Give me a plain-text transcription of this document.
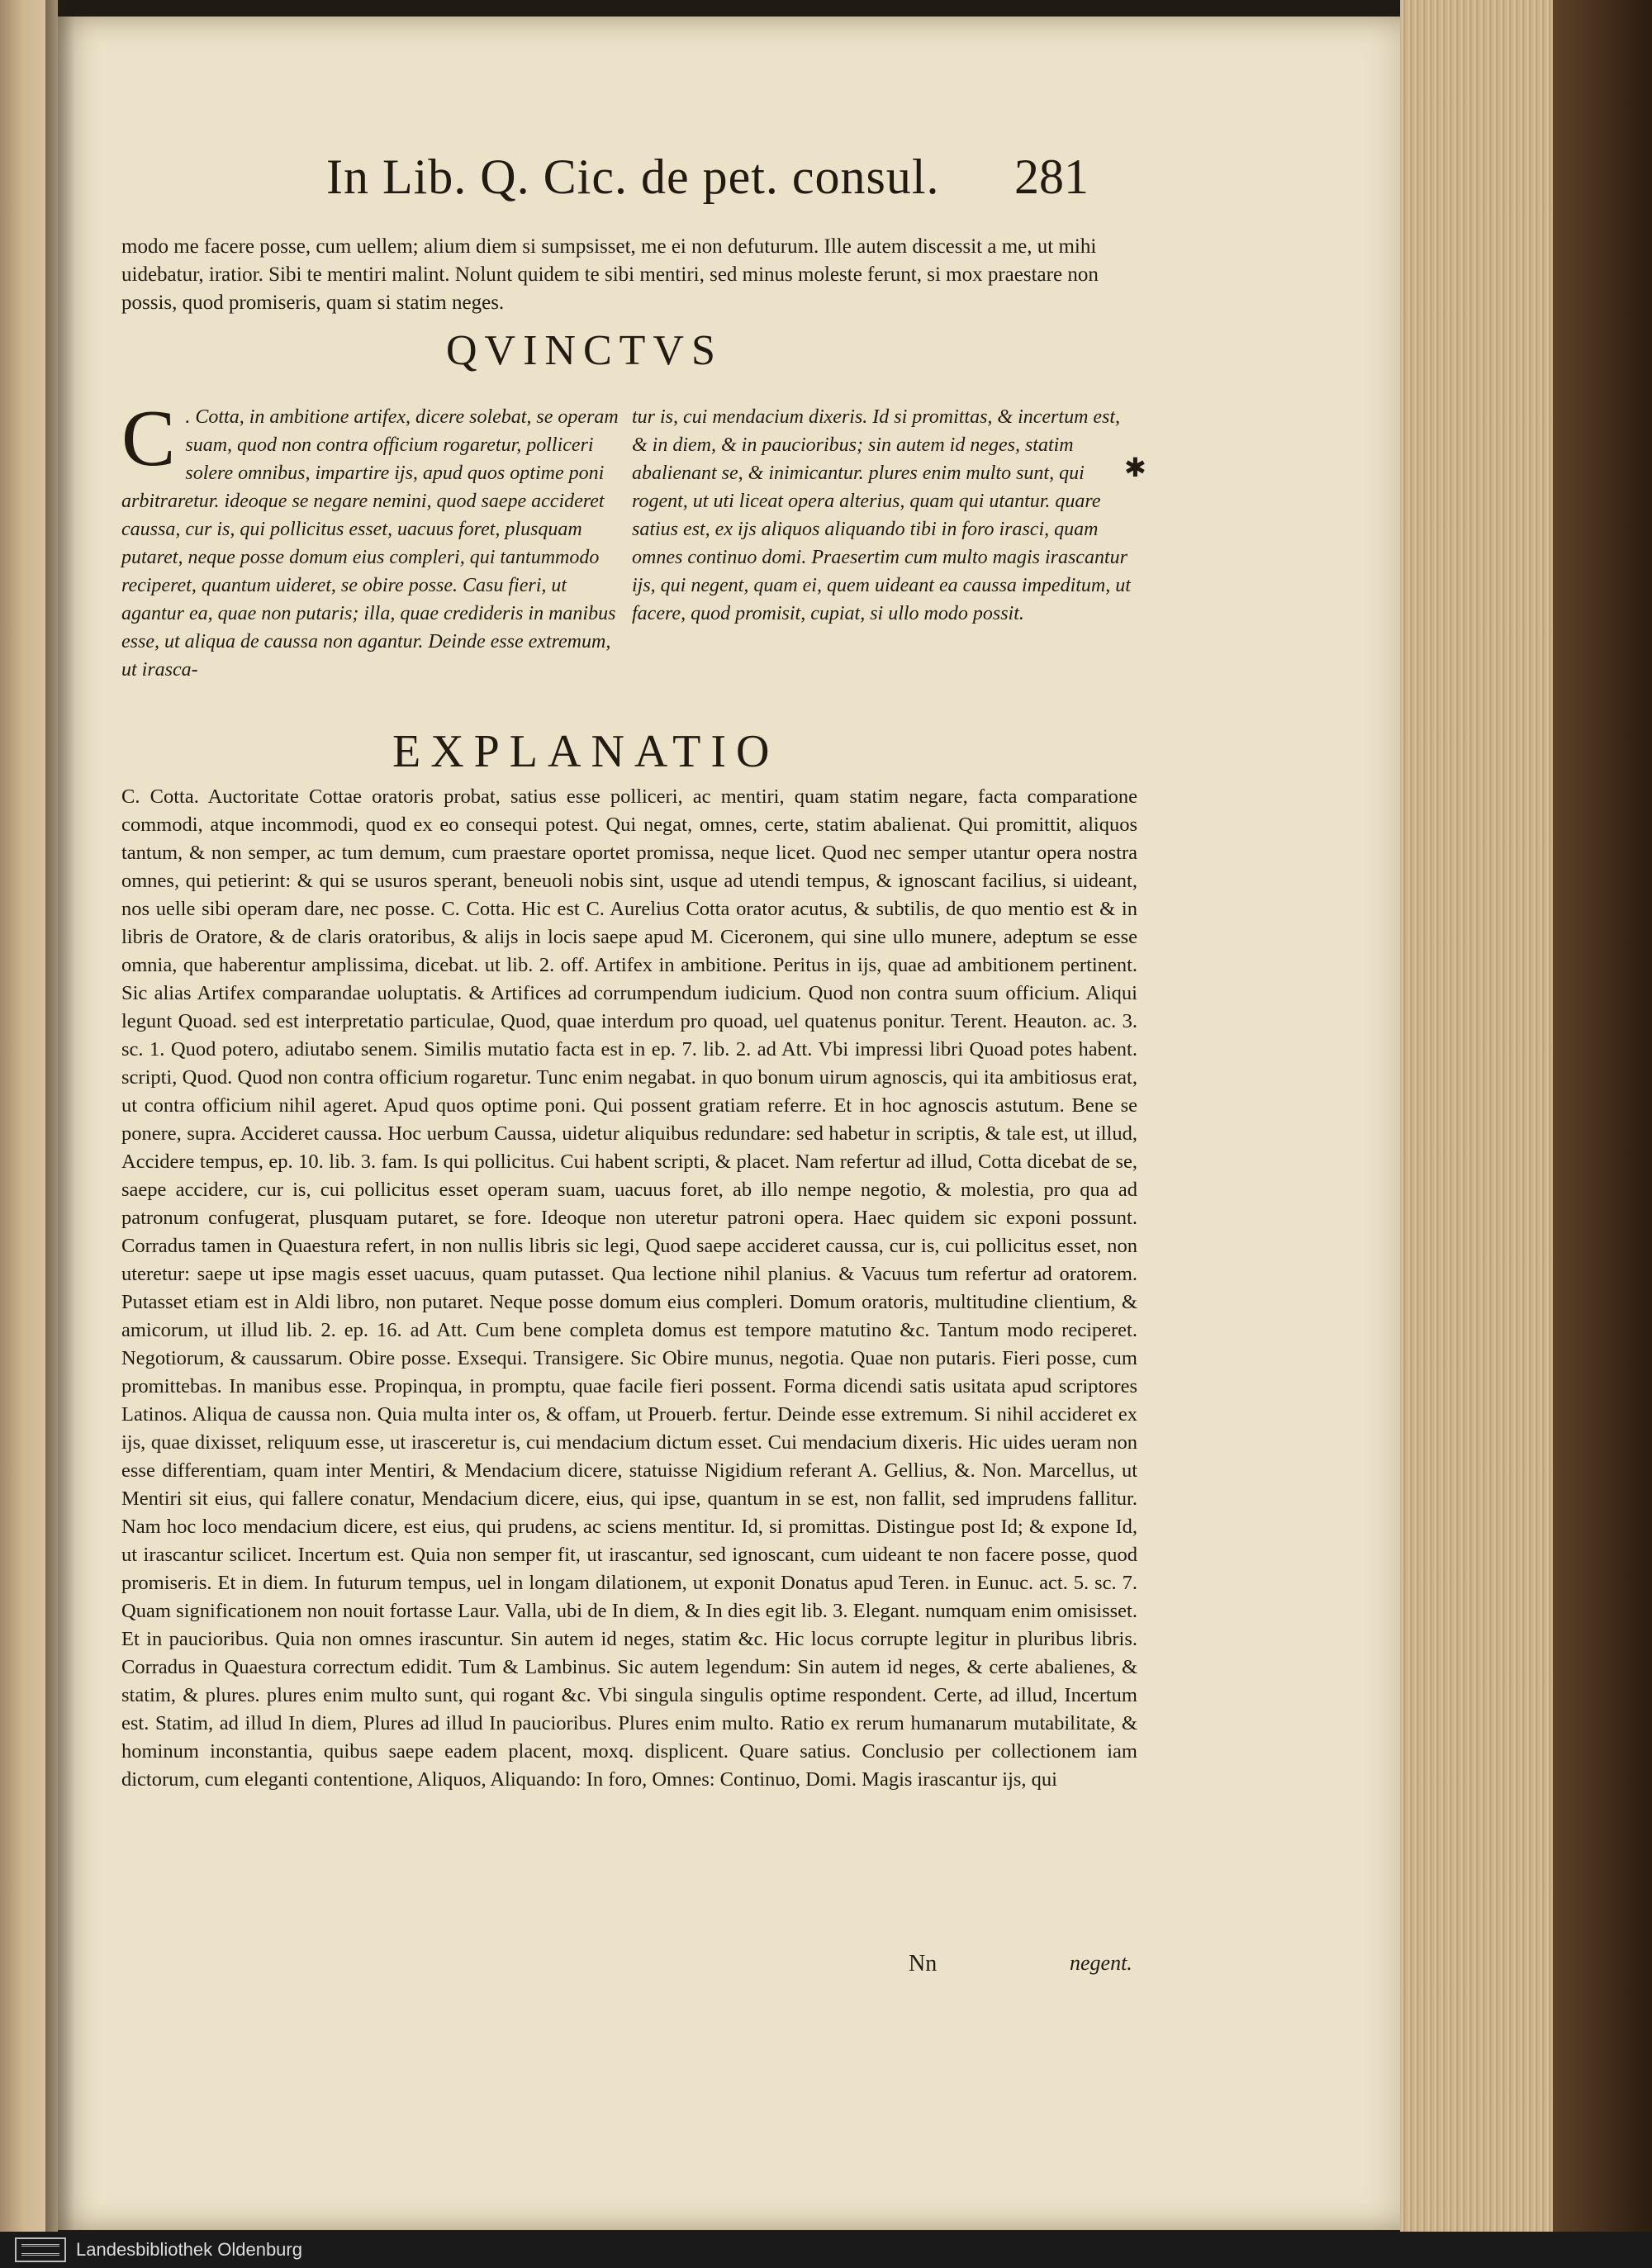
In Lib. Q. Cic. de pet. consul.	281
modo me facere posse, cum uellem; alium diem si sumpsisset, me ei non defuturum. Ille autem discessit a me, ut mihi uidebatur, iratior. Sibi te mentiri malint. Nolunt quidem te sibi mentiri, sed minus moleste ferunt, si mox praestare non possis, quod promiseris, quam si statim neges.
QVINCTVS
C . Cotta, in ambitione artifex, dicere solebat, se operam suam, quod non contra officium rogaretur, polliceri solere omnibus, impartire ijs, apud quos optime poni arbitraretur. ideoque se negare nemini, quod saepe accideret caussa, cur is, qui pollicitus esset, uacuus foret, plusquam putaret, neque posse domum eius compleri, qui tantummodo reciperet, quantum uideret, se obire posse. Casu fieri, ut agantur ea, quae non putaris; illa, quae credideris in manibus esse, ut aliqua de caussa non agantur. Deinde esse extremum, ut irasca-
tur is, cui mendacium dixeris. Id si promittas, & incertum est, & in diem, & in paucioribus; sin autem id neges, statim abalienant se, & inimicantur. plures enim multo sunt, qui rogent, ut uti liceat opera alterius, quam qui utantur. quare satius est, ex ijs aliquos aliquando tibi in foro irasci, quam omnes continuo domi. Praesertim cum multo magis irascantur ijs, qui negent, quam ei, quem uideant ea caussa impeditum, ut facere, quod promisit, cupiat, si ullo modo possit.
✱
EXPLANATIO
C. Cotta. Auctoritate Cottae oratoris probat, satius esse polliceri, ac mentiri, quam statim negare, facta comparatione commodi, atque incommodi, quod ex eo consequi potest. Qui negat, omnes, certe, statim abalienat. Qui promittit, aliquos tantum, & non semper, ac tum demum, cum praestare oportet promissa, neque licet. Quod nec semper utantur opera nostra omnes, qui petierint: & qui se usuros sperant, beneuoli nobis sint, usque ad utendi tempus, & ignoscant facilius, si uideant, nos uelle sibi operam dare, nec posse. C. Cotta. Hic est C. Aurelius Cotta orator acutus, & subtilis, de quo mentio est & in libris de Oratore, & de claris oratoribus, & alijs in locis saepe apud M. Ciceronem, qui sine ullo munere, adeptum se esse omnia, que haberentur amplissima, dicebat. ut lib. 2. off. Artifex in ambitione. Peritus in ijs, quae ad ambitionem pertinent. Sic alias Artifex comparandae uoluptatis. & Artifices ad corrumpendum iudicium. Quod non contra suum officium. Aliqui legunt Quoad. sed est interpretatio particulae, Quod, quae interdum pro quoad, uel quatenus ponitur. Terent. Heauton. ac. 3. sc. 1. Quod potero, adiutabo senem. Similis mutatio facta est in ep. 7. lib. 2. ad Att. Vbi impressi libri Quoad potes habent. scripti, Quod. Quod non contra officium rogaretur. Tunc enim negabat. in quo bonum uirum agnoscis, qui ita ambitiosus erat, ut contra officium nihil ageret. Apud quos optime poni. Qui possent gratiam referre. Et in hoc agnoscis astutum. Bene se ponere, supra. Accideret caussa. Hoc uerbum Caussa, uidetur aliquibus redundare: sed habetur in scriptis, & tale est, ut illud, Accidere tempus, ep. 10. lib. 3. fam. Is qui pollicitus. Cui habent scripti, & placet. Nam refertur ad illud, Cotta dicebat de se, saepe accidere, cur is, cui pollicitus esset operam suam, uacuus foret, ab illo nempe negotio, & molestia, pro qua ad patronum confugerat, plusquam putaret, se fore. Ideoque non uteretur patroni opera. Haec quidem sic exponi possunt. Corradus tamen in Quaestura refert, in non nullis libris sic legi, Quod saepe accideret caussa, cur is, cui pollicitus esset, non uteretur: saepe ut ipse magis esset uacuus, quam putasset. Qua lectione nihil planius. & Vacuus tum refertur ad oratorem. Putasset etiam est in Aldi libro, non putaret. Neque posse domum eius compleri. Domum oratoris, multitudine clientium, & amicorum, ut illud lib. 2. ep. 16. ad Att. Cum bene completa domus est tempore matutino &c. Tantum modo reciperet. Negotiorum, & caussarum. Obire posse. Exsequi. Transigere. Sic Obire munus, negotia. Quae non putaris. Fieri posse, cum promittebas. In manibus esse. Propinqua, in promptu, quae facile fieri possent. Forma dicendi satis usitata apud scriptores Latinos. Aliqua de caussa non. Quia multa inter os, & offam, ut Prouerb. fertur. Deinde esse extremum. Si nihil accideret ex ijs, quae dixisset, reliquum esse, ut irasceretur is, cui mendacium dictum esset. Cui mendacium dixeris. Hic uides ueram non esse differentiam, quam inter Mentiri, & Mendacium dicere, statuisse Nigidium referant A. Gellius, &. Non. Marcellus, ut Mentiri sit eius, qui fallere conatur, Mendacium dicere, eius, qui ipse, quantum in se est, non fallit, sed imprudens fallitur. Nam hoc loco mendacium dicere, est eius, qui prudens, ac sciens mentitur. Id, si promittas. Distingue post Id; & expone Id, ut irascantur scilicet. Incertum est. Quia non semper fit, ut irascantur, sed ignoscant, cum uideant te non facere posse, quod promiseris. Et in diem. In futurum tempus, uel in longam dilationem, ut exponit Donatus apud Teren. in Eunuc. act. 5. sc. 7. Quam significationem non nouit fortasse Laur. Valla, ubi de In diem, & In dies egit lib. 3. Elegant. numquam enim omisisset. Et in paucioribus. Quia non omnes irascuntur. Sin autem id neges, statim &c. Hic locus corrupte legitur in pluribus libris. Corradus in Quaestura correctum edidit. Tum & Lambinus. Sic autem legendum: Sin autem id neges, & certe abalienes, & statim, & plures. plures enim multo sunt, qui rogant &c. Vbi singula singulis optime respondent. Certe, ad illud, Incertum est. Statim, ad illud In diem, Plures ad illud In paucioribus. Plures enim multo. Ratio ex rerum humanarum mutabilitate, & hominum inconstantia, quibus saepe eadem placent, moxq. displicent. Quare satius. Conclusio per collectionem iam dictorum, cum eleganti contentione, Aliquos, Aliquando: In foro, Omnes: Continuo, Domi. Magis irascantur ijs, qui
Nn	negent.
Landesbibliothek Oldenburg
